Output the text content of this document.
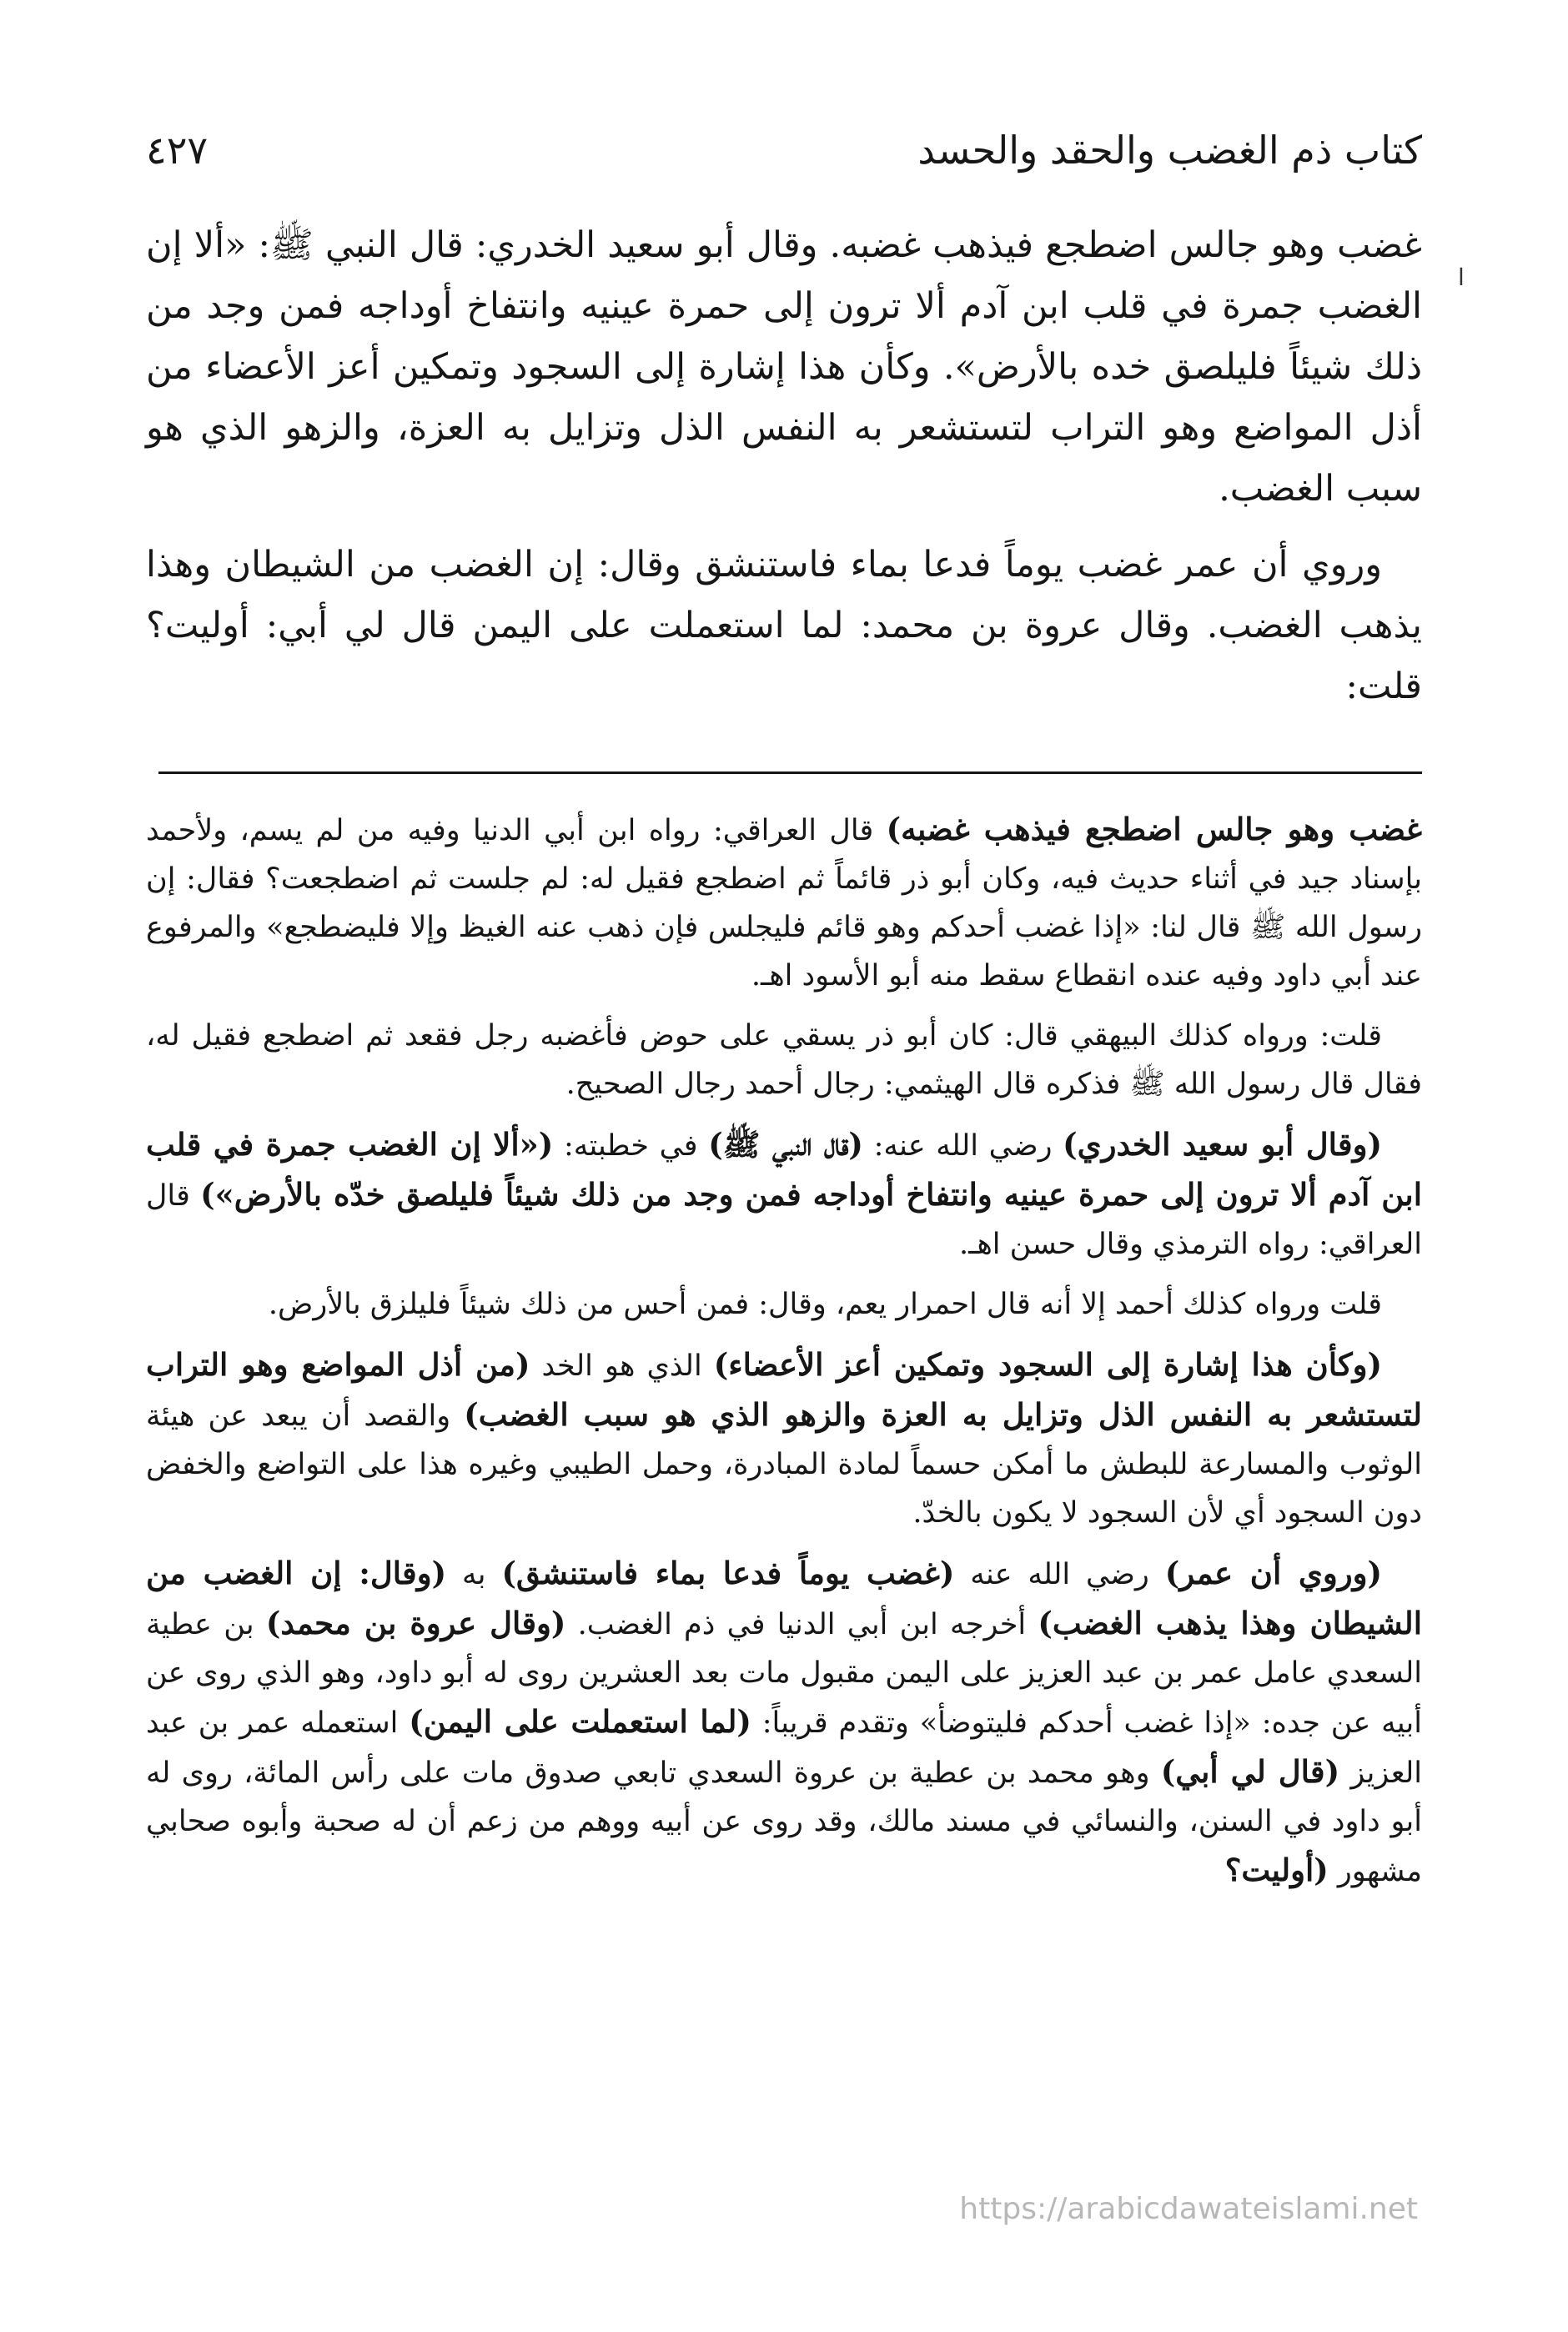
كتاب ذم الغضب والحقد والحسد
٤٢٧
ا

غضب وهو جالس اضطجع فيذهب غضبه. وقال أبو سعيد الخدري: قال النبي ﷺ: «ألا إن الغضب جمرة في قلب ابن آدم ألا ترون إلى حمرة عينيه وانتفاخ أوداجه فمن وجد من ذلك شيئاً فليلصق خده بالأرض». وكأن هذا إشارة إلى السجود وتمكين أعز الأعضاء من أذل المواضع وهو التراب لتستشعر به النفس الذل وتزايل به العزة، والزهو الذي هو سبب الغضب.

وروي أن عمر غضب يوماً فدعا بماء فاستنشق وقال: إن الغضب من الشيطان وهذا يذهب الغضب. وقال عروة بن محمد: لما استعملت على اليمن قال لي أبي: أوليت؟ قلت:

غضب وهو جالس اضطجع فيذهب غضبه) قال العراقي: رواه ابن أبي الدنيا وفيه من لم يسم، ولأحمد بإسناد جيد في أثناء حديث فيه، وكان أبو ذر قائماً ثم اضطجع فقيل له: لم جلست ثم اضطجعت؟ فقال: إن رسول الله ﷺ قال لنا: «إذا غضب أحدكم وهو قائم فليجلس فإن ذهب عنه الغيظ وإلا فليضطجع» والمرفوع عند أبي داود وفيه عنده انقطاع سقط منه أبو الأسود اهـ.

قلت: ورواه كذلك البيهقي قال: كان أبو ذر يسقي على حوض فأغضبه رجل فقعد ثم اضطجع فقيل له، فقال قال رسول الله ﷺ فذكره قال الهيثمي: رجال أحمد رجال الصحيح.

(وقال أبو سعيد الخدري) رضي الله عنه: (قال النبي ﷺ) في خطبته: («ألا إن الغضب جمرة في قلب ابن آدم ألا ترون إلى حمرة عينيه وانتفاخ أوداجه فمن وجد من ذلك شيئاً فليلصق خدّه بالأرض») قال العراقي: رواه الترمذي وقال حسن اهـ.

قلت ورواه كذلك أحمد إلا أنه قال احمرار يعم، وقال: فمن أحس من ذلك شيئاً فليلزق بالأرض.

(وكأن هذا إشارة إلى السجود وتمكين أعز الأعضاء) الذي هو الخد (من أذل المواضع وهو التراب لتستشعر به النفس الذل وتزايل به العزة والزهو الذي هو سبب الغضب) والقصد أن يبعد عن هيئة الوثوب والمسارعة للبطش ما أمكن حسماً لمادة المبادرة، وحمل الطيبي وغيره هذا على التواضع والخفض دون السجود أي لأن السجود لا يكون بالخدّ.

(وروي أن عمر) رضي الله عنه (غضب يوماً فدعا بماء فاستنشق) به (وقال: إن الغضب من الشيطان وهذا يذهب الغضب) أخرجه ابن أبي الدنيا في ذم الغضب. (وقال عروة بن محمد) بن عطية السعدي عامل عمر بن عبد العزيز على اليمن مقبول مات بعد العشرين روى له أبو داود، وهو الذي روى عن أبيه عن جده: «إذا غضب أحدكم فليتوضأ» وتقدم قريباً: (لما استعملت على اليمن) استعمله عمر بن عبد العزيز (قال لي أبي) وهو محمد بن عطية بن عروة السعدي تابعي صدوق مات على رأس المائة، روى له أبو داود في السنن، والنسائي في مسند مالك، وقد روى عن أبيه ووهم من زعم أن له صحبة وأبوه صحابي مشهور (أوليت؟

https://arabicdawateislami.net
